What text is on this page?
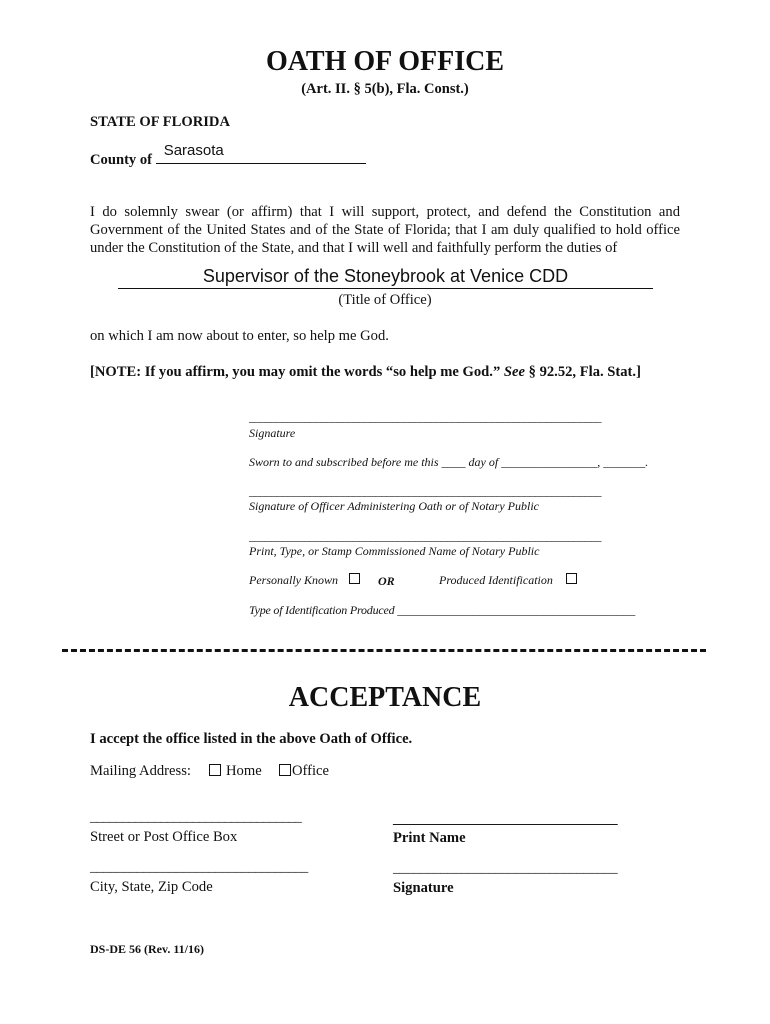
OATH OF OFFICE
(Art. II. § 5(b), Fla. Const.)
STATE OF FLORIDA
County of
Sarasota
I do solemnly swear (or affirm) that I will support, protect, and defend the Constitution and Government of the United States and of the State of Florida; that I am duly qualified to hold office under the Constitution of the State, and that I will well and faithfully perform the duties of
Supervisor of the Stoneybrook at Venice CDD
(Title of Office)
on which I am now about to enter, so help me God.
[NOTE: If you affirm, you may omit the words “so help me God.” See § 92.52, Fla. Stat.]
________________________________________________________________
Signature
Sworn to and subscribed before me this ____ day of ________________, _______.
________________________________________________________________
Signature of Officer Administering Oath or of Notary Public
________________________________________________________________
Print, Type, or Stamp Commissioned Name of Notary Public
Personally Known	OR	Produced Identification
Type of Identification Produced _________________________________________
ACCEPTANCE
I accept the office listed in the above Oath of Office.
Mailing Address: Home Office
_________________________________
Street or Post Office Box
_________________________________
City, State, Zip Code
_________________________________
Print Name
_________________________________
Signature
DS-DE 56 (Rev. 11/16)
